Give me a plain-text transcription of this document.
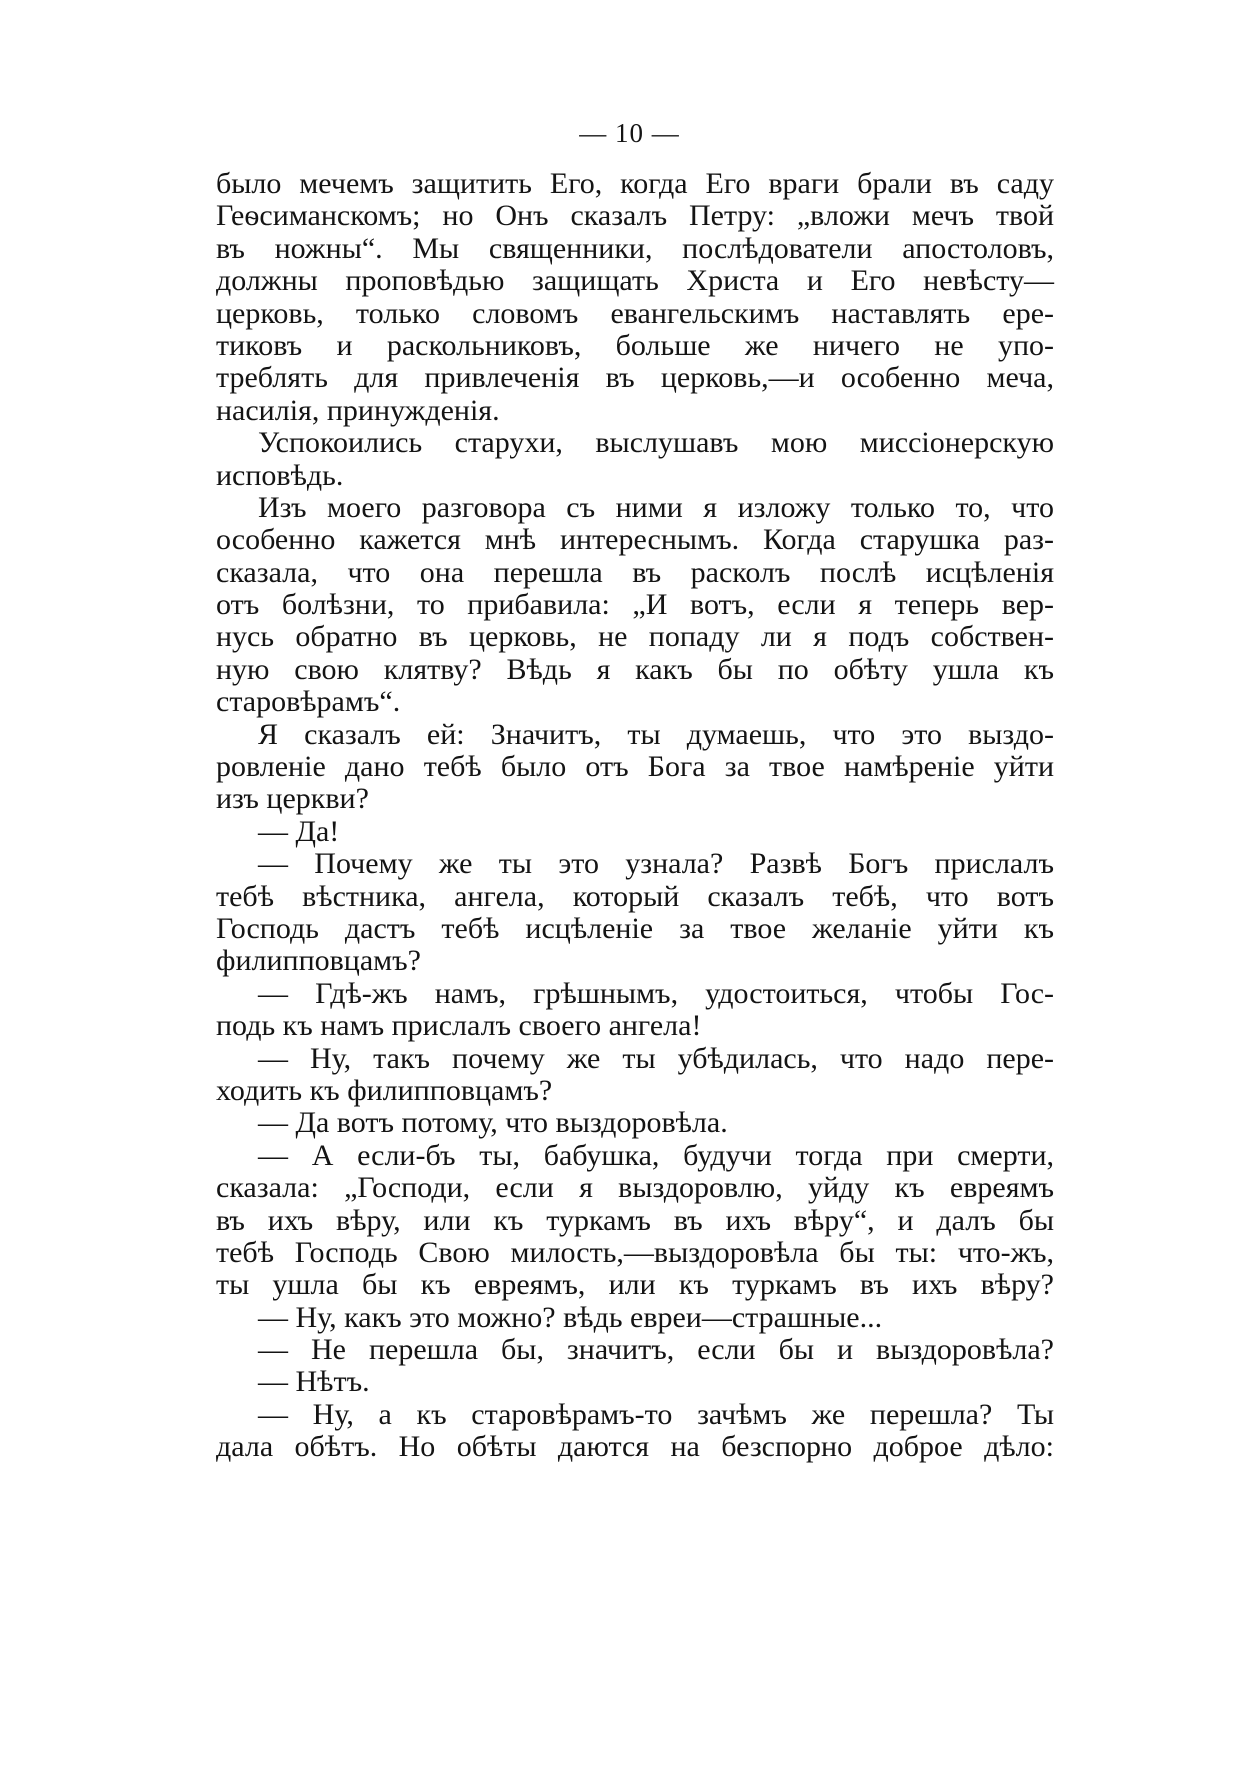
— 10 —
было мечемъ защитить Его, когда Его враги брали въ саду
Геѳсиманскомъ; но Онъ сказалъ Петру: „вложи мечъ твой
въ ножны“. Мы священники, послѣдователи апостоловъ,
должны проповѣдью защищать Христа и Его невѣсту—
церковь, только словомъ евангельскимъ наставлять ере-
тиковъ и раскольниковъ, больше же ничего не упо-
треблять для привлеченія въ церковь,—и особенно меча,
насилія, принужденія.
Успокоились старухи, выслушавъ мою миссіонерскую
исповѣдь.
Изъ моего разговора съ ними я изложу только то, что
особенно кажется мнѣ интереснымъ. Когда старушка раз-
сказала, что она перешла въ расколъ послѣ исцѣленія
отъ болѣзни, то прибавила: „И вотъ, если я теперь вер-
нусь обратно въ церковь, не попаду ли я подъ собствен-
ную свою клятву? Вѣдь я какъ бы по обѣту ушла къ
старовѣрамъ“.
Я сказалъ ей: Значитъ, ты думаешь, что это выздо-
ровленіе дано тебѣ было отъ Бога за твое намѣреніе уйти
изъ церкви?
— Да!
— Почему же ты это узнала? Развѣ Богъ прислалъ
тебѣ вѣстника, ангела, который сказалъ тебѣ, что вотъ
Господь дастъ тебѣ исцѣленіе за твое желаніе уйти къ
филипповцамъ?
— Гдѣ-жъ намъ, грѣшнымъ, удостоиться, чтобы Гос-
подь къ намъ прислалъ своего ангела!
— Ну, такъ почему же ты убѣдилась, что надо пере-
ходить къ филипповцамъ?
— Да вотъ потому, что выздоровѣла.
— А если-бъ ты, бабушка, будучи тогда при смерти,
сказала: „Господи, если я выздоровлю, уйду къ евреямъ
въ ихъ вѣру, или къ туркамъ въ ихъ вѣру“, и далъ бы
тебѣ Господь Свою милость,—выздоровѣла бы ты: что-жъ,
ты ушла бы къ евреямъ, или къ туркамъ въ ихъ вѣру?
— Ну, какъ это можно? вѣдь евреи—страшные...
— Не перешла бы, значитъ, если бы и выздоровѣла?
— Нѣтъ.
— Ну, а къ старовѣрамъ-то зачѣмъ же перешла? Ты
дала обѣтъ. Но обѣты даются на безспорно доброе дѣло:
